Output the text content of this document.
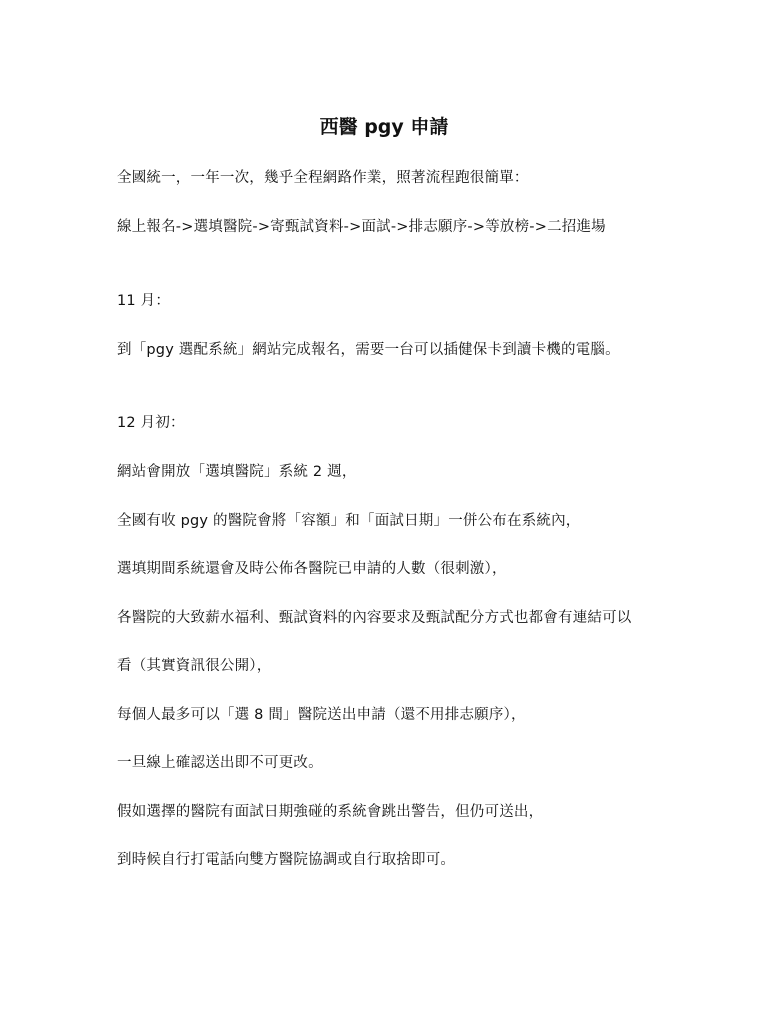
西醫 pgy 申請
全國統一，一年一次，幾乎全程網路作業，照著流程跑很簡單：
線上報名->選填醫院->寄甄試資料->面試->排志願序->等放榜->二招進場
11 月：
到「pgy 選配系統」網站完成報名，需要一台可以插健保卡到讀卡機的電腦。
12 月初：
網站會開放「選填醫院」系統 2 週，
全國有收 pgy 的醫院會將「容額」和「面試日期」一併公布在系統內，
選填期間系統還會及時公佈各醫院已申請的人數（很刺激），
各醫院的大致薪水福利、甄試資料的內容要求及甄試配分方式也都會有連結可以
看（其實資訊很公開），
每個人最多可以「選 8 間」醫院送出申請（還不用排志願序），
一旦線上確認送出即不可更改。
假如選擇的醫院有面試日期強碰的系統會跳出警告，但仍可送出，
到時候自行打電話向雙方醫院協調或自行取捨即可。
